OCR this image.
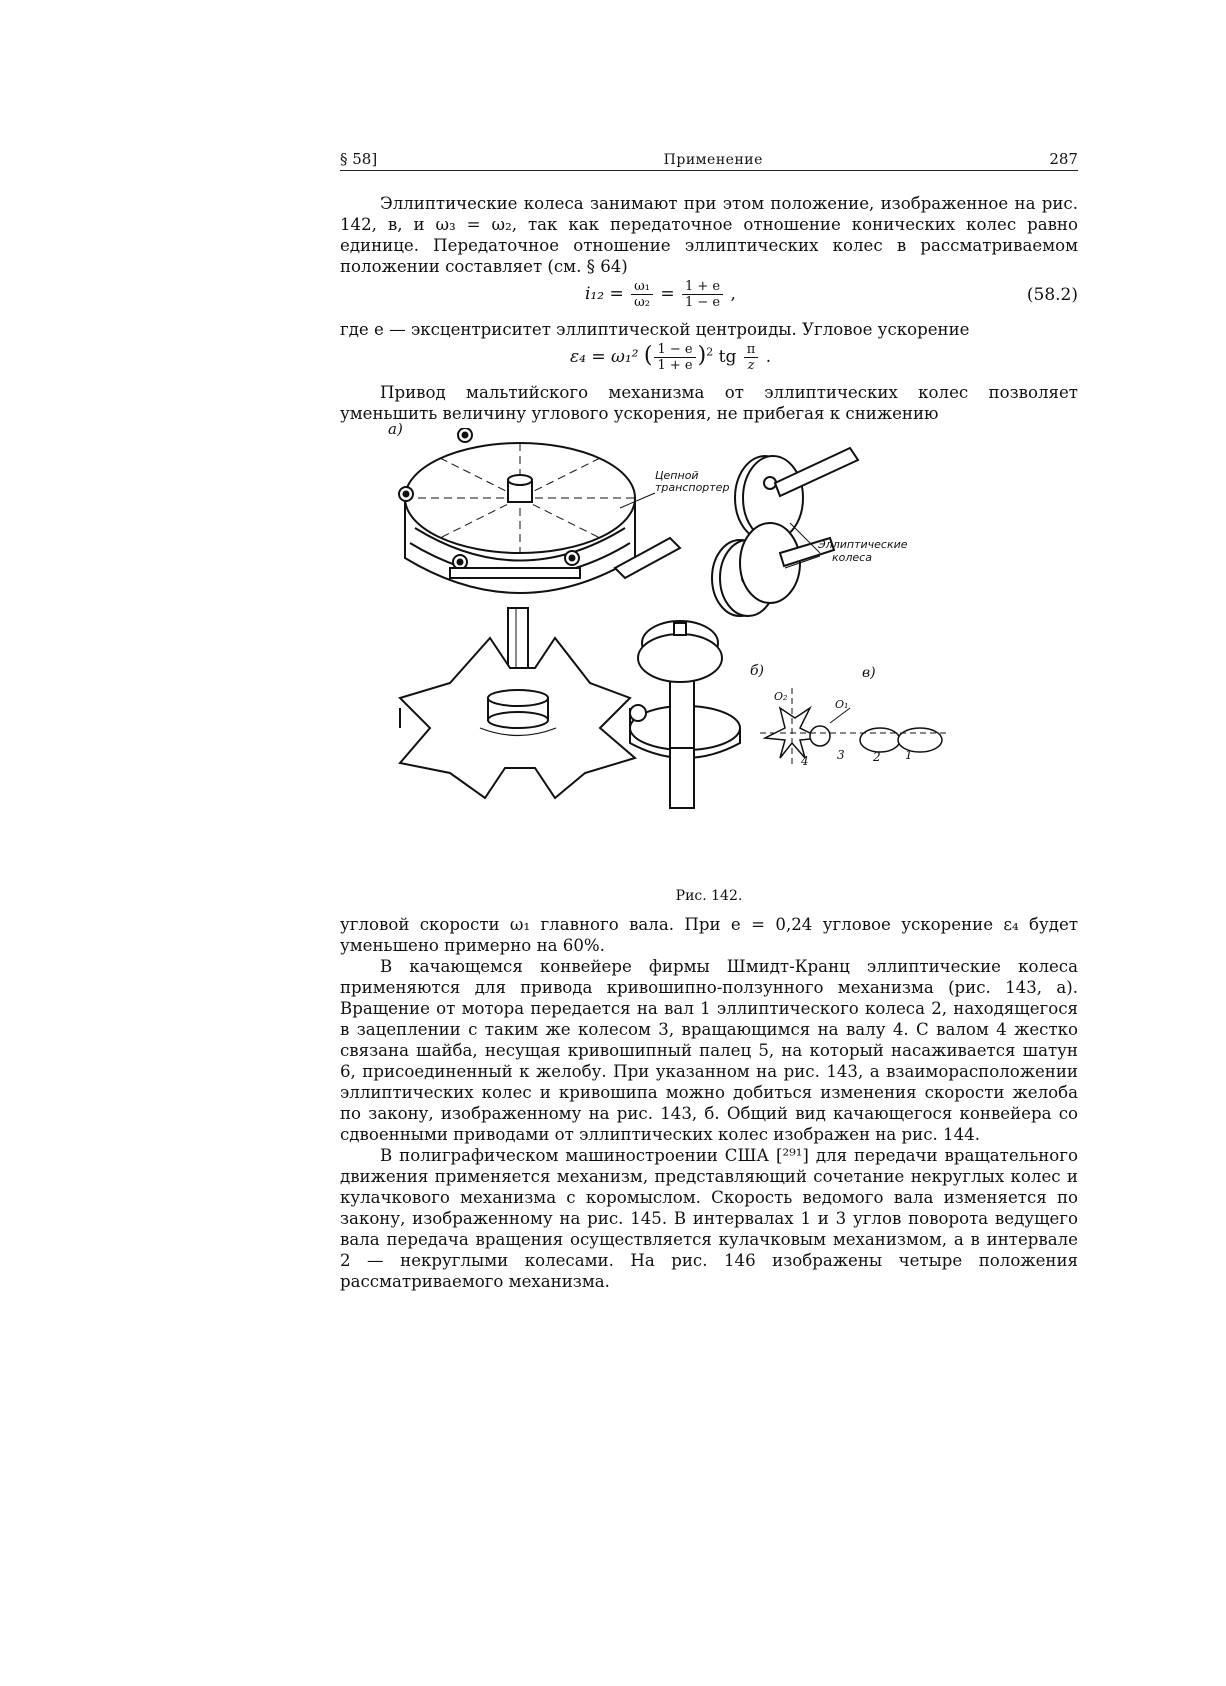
§ 58]	Применение	287

Эллиптические колеса занимают при этом положение, изображенное на рис. 142, в, и ω₃ = ω₂, так как передаточное отношение конических колес равно единице. Передаточное отношение эллиптических колес в рассматриваемом положении составляет (см. § 64)

$i_{12} = \frac{\text{ω₁}}{\text{ω₂}} = \frac{1 + e}{1 - e}$ ,	(58.2)

где e — эксцентриситет эллиптической центроиды. Угловое ускорение

ε₄ = ω₁² ( $\frac{1 - e}{1 + e} )^2$ tg $\frac{\pi}{z}$ .

Привод мальтийского механизма от эллиптических колес позволяет уменьшить величину углового ускорения, не прибегая к снижению

а)
б)	в)
Цепной транспортер
Эллиптические
колеса
O₂
O₁
3 2 1
4

Рис. 142.

угловой скорости ω₁ главного вала. При e = 0,24 угловое ускорение ε₄ будет уменьшено примерно на 60%.

В качающемся конвейере фирмы Шмидт-Кранц эллиптические колеса применяются для привода кривошипно-ползунного механизма (рис. 143, а). Вращение от мотора передается на вал 1 эллиптического колеса 2, находящегося в зацеплении с таким же колесом 3, вращающимся на валу 4. С валом 4 жестко связана шайба, несущая кривошипный палец 5, на который насаживается шатун 6, присоединенный к желобу. При указанном на рис. 143, а взаиморасположении эллиптических колес и кривошипа можно добиться изменения скорости желоба по закону, изображенному на рис. 143, б. Общий вид качающегося конвейера со сдвоенными приводами от эллиптических колес изображен на рис. 144.

В полиграфическом машиностроении США [²⁹¹] для передачи вращательного движения применяется механизм, представляющий сочетание некруглых колес и кулачкового механизма с коромыслом. Скорость ведомого вала изменяется по закону, изображенному на рис. 145. В интервалах 1 и 3 углов поворота ведущего вала передача вращения осуществляется кулачковым механизмом, а в интервале 2 — некруглыми колесами. На рис. 146 изображены четыре положения рассматриваемого механизма.
